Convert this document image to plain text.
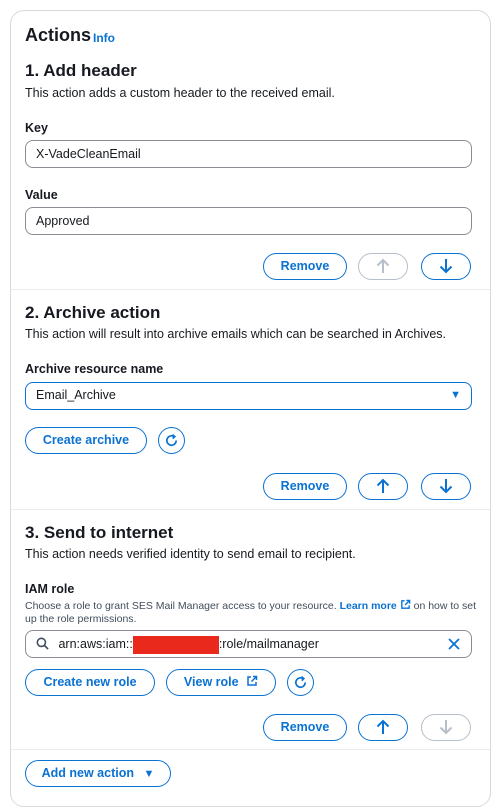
Actions Info
1. Add header
This action adds a custom header to the received email.
Key
X-VadeCleanEmail
Value
Approved
Remove
2. Archive action
This action will result into archive emails which can be searched in Archives.
Archive resource name
Email_Archive	▼
Create archive
Remove
3. Send to internet
This action needs verified identity to send email to recipient.
IAM role
Choose a role to grant SES Mail Manager access to your resource. Learn more on how to set up the role permissions.
arn:aws:iam::	:role/mailmanager
Create new role	View role
Remove
Add new action ▼
